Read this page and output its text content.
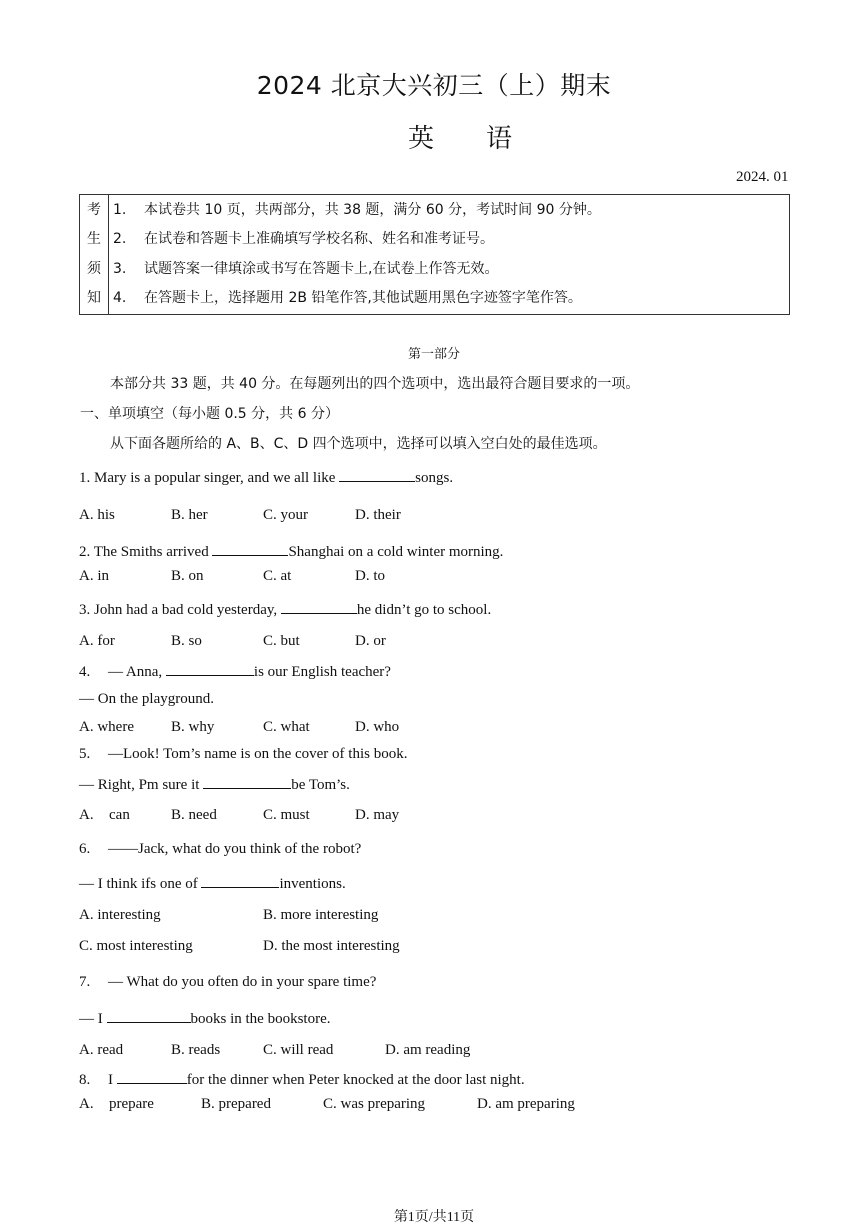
2024 北京大兴初三（上）期末
英语
2024. 01
考
生
须
知

1. 本试卷共 10 页，共两部分，共 38 题，满分 60 分，考试时间 90 分钟。
2. 在试卷和答题卡上准确填写学校名称、姓名和准考证号。
3. 试题答案一律填涂或书写在答题卡上,在试卷上作答无效。
4. 在答题卡上，选择题用 2B 铅笔作答,其他试题用黑色字迹签字笔作答。
第一部分
本部分共 33 题，共 40 分。在每题列出的四个选项中，选出最符合题目要求的一项。
一、单项填空（每小题 0.5 分，共 6 分）
从下面各题所给的 A、B、C、D 四个选项中，选择可以填入空白处的最佳选项。
1. Mary is a popular singer, and we all like	songs.
A. his	B. her	C. your	D. their
2. The Smiths arrived	Shanghai on a cold winter morning.
A. in	B. on	C. at	D. to
3. John had a bad cold yesterday,	he didn’t go to school.
A. for	B. so	C. but	D. or
4. — Anna,	is our English teacher?
— On the playground.
A. where B. why	C. what	D. who
5. —Look! Tom’s name is on the cover of this book.
— Right, Pm sure it	be Tom’s.
A. can	B. need	C. must	D. may
6. ——Jack, what do you think of the robot?
— I think ifs one of	inventions.
A. interesting	B. more interesting
C. most interesting	D. the most interesting
7. — What do you often do in your spare time?
— I	books in the bookstore.
A. read	B. reads	C. will read	D. am reading
8. I	for the dinner when Peter knocked at the door last night.
A. prepare	B. prepared	C. was preparing	D. am preparing
第1页/共11页
